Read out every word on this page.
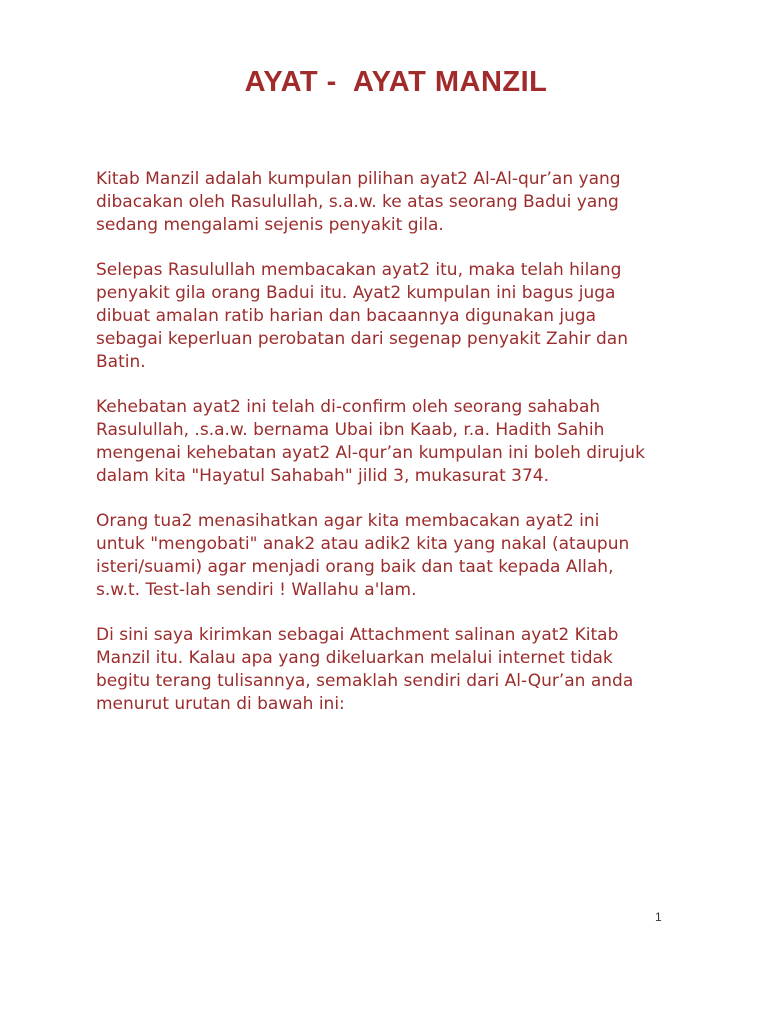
AYAT -  AYAT MANZIL

Kitab Manzil adalah kumpulan pilihan ayat2 Al-Al-qur’an yang
dibacakan oleh Rasulullah, s.a.w. ke atas seorang Badui yang
sedang mengalami sejenis penyakit gila.

Selepas Rasulullah membacakan ayat2 itu, maka telah hilang
penyakit gila orang Badui itu. Ayat2 kumpulan ini bagus juga
dibuat amalan ratib harian dan bacaannya digunakan juga
sebagai keperluan perobatan dari segenap penyakit Zahir dan
Batin.

Kehebatan ayat2 ini telah di-confirm oleh seorang sahabah
Rasulullah, .s.a.w. bernama Ubai ibn Kaab, r.a. Hadith Sahih
mengenai kehebatan ayat2 Al-qur’an kumpulan ini boleh dirujuk
dalam kita "Hayatul Sahabah" jilid 3, mukasurat 374.

Orang tua2 menasihatkan agar kita membacakan ayat2 ini
untuk "mengobati" anak2 atau adik2 kita yang nakal (ataupun
isteri/suami) agar menjadi orang baik dan taat kepada Allah,
s.w.t. Test-lah sendiri ! Wallahu a'lam.

Di sini saya kirimkan sebagai Attachment salinan ayat2 Kitab
Manzil itu. Kalau apa yang dikeluarkan melalui internet tidak
begitu terang tulisannya, semaklah sendiri dari Al-Qur’an anda
menurut urutan di bawah ini:

1
